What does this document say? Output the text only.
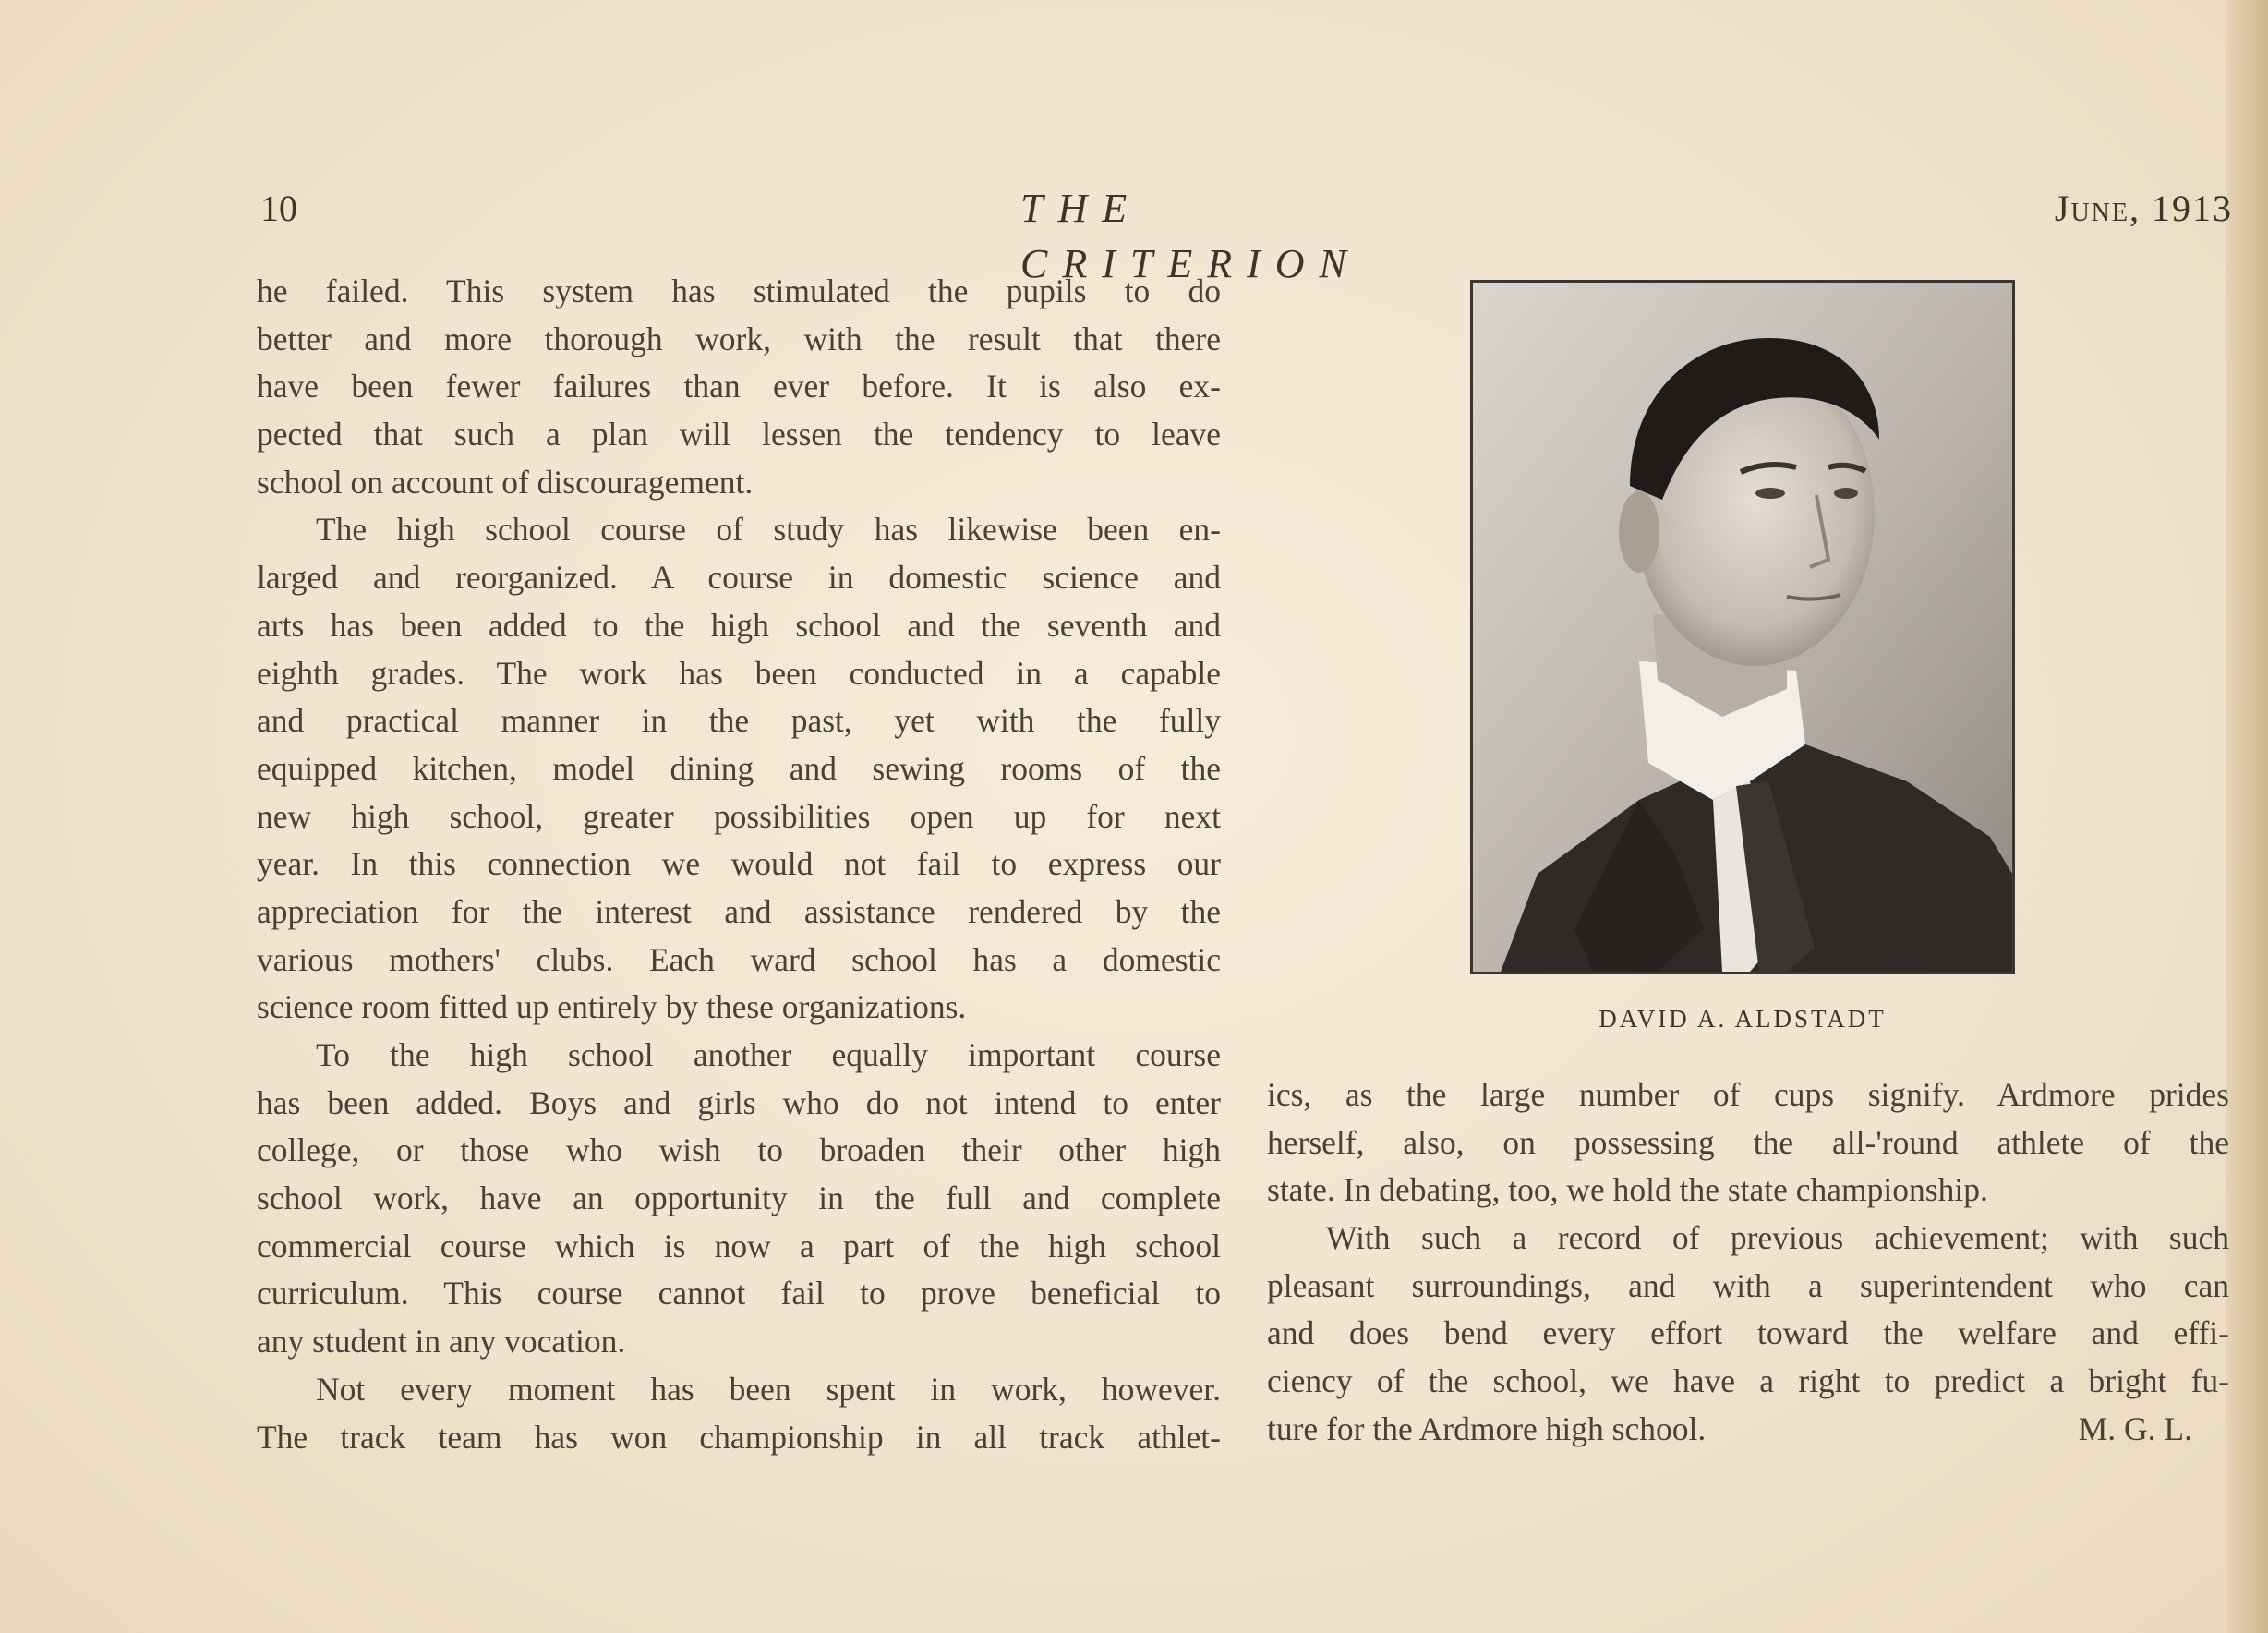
10	THE CRITERION
June, 1913
he failed. This system has stimulated the pupils to do
better and more thorough work, with the result that there
have been fewer failures than ever before. It is also ex-
pected that such a plan will lessen the tendency to leave
school on account of discouragement.
The high school course of study has likewise been en-
larged and reorganized. A course in domestic science and
arts has been added to the high school and the seventh and
eighth grades. The work has been conducted in a capable
and practical manner in the past, yet with the fully
equipped kitchen, model dining and sewing rooms of the
new high school, greater possibilities open up for next
year. In this connection we would not fail to express our
appreciation for the interest and assistance rendered by the
various mothers' clubs. Each ward school has a domestic
science room fitted up entirely by these organizations.
To the high school another equally important course
has been added. Boys and girls who do not intend to enter
college, or those who wish to broaden their other high
school work, have an opportunity in the full and complete
commercial course which is now a part of the high school
curriculum. This course cannot fail to prove beneficial to
any student in any vocation.
Not every moment has been spent in work, however.
The track team has won championship in all track athlet-
DAVID A. ALDSTADT
ics, as the large number of cups signify. Ardmore prides
herself, also, on possessing the all-'round athlete of the
state. In debating, too, we hold the state championship.
With such a record of previous achievement; with such
pleasant surroundings, and with a superintendent who can
and does bend every effort toward the welfare and effi-
ciency of the school, we have a right to predict a bright fu-
ture for the Ardmore high school.	M. G. L.
